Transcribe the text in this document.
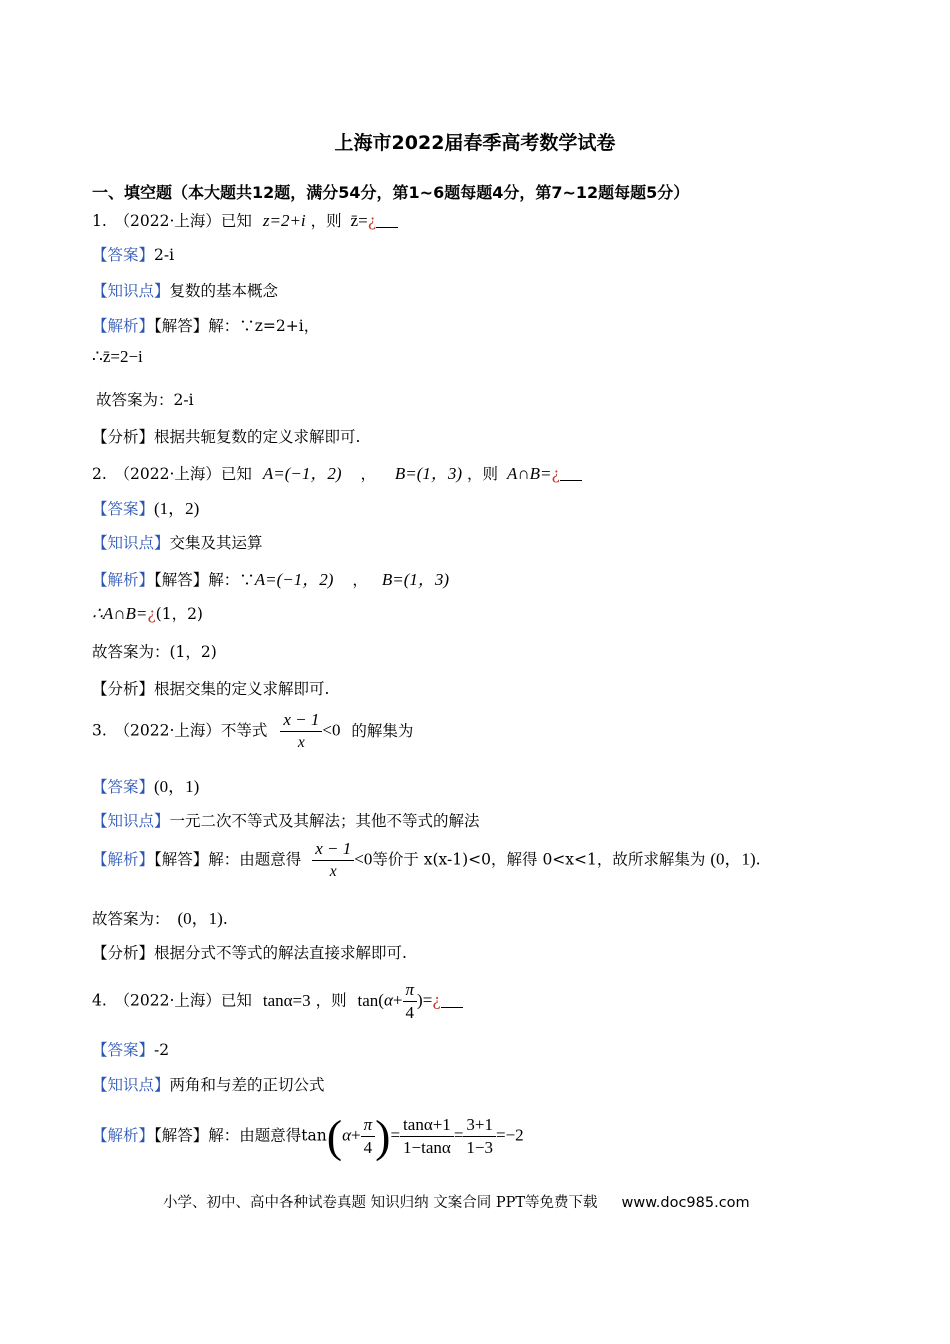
上海市2022届春季高考数学试卷
一、填空题（本大题共12题，满分54分，第1~6题每题4分，第7~12题每题5分）
1.　（2022·上海）已知 z=2+i ，则 z̄=¿
【答案】2-i
【知识点】复数的基本概念
【解析】【解答】解：∵z=2+i，
∴z̄=2−i
故答案为：2-i
【分析】根据共轭复数的定义求解即可.
2.　（2022·上海）已知 A=(−1，2) ， B=(1，3) ，则 A∩B=¿
【答案】(1，2)
【知识点】交集及其运算
【解析】【解答】解：∵A=(−1，2) ， B=(1，3)
∴A∩B=¿(1，2)
故答案为：(1，2)
【分析】根据交集的定义求解即可.
3.　（2022·上海）不等式 $\frac{x - 1}{x} <0$ 的解集为
【答案】(0，1)
【知识点】一元二次不等式及其解法；其他不等式的解法
【解析】【解答】解：由题意得 $\frac{x - 1}{x} <0$等价于 x(x-1)<0，解得 0<x<1，故所求解集为 (0，1).
故答案为： (0，1).
【分析】根据分式不等式的解法直接求解即可.
4.　（2022·上海）已知 tanα=3 ，则 $\tan(\alpha+ \frac{\pi}{4}$ )=¿
【答案】-2
【知识点】两角和与差的正切公式
【解析】【解答】解：由题意得$\tan(\alpha+ \frac{\pi}{4}$ )= $\frac{\tan\alpha+1}{1-\tan\alpha} = \frac{3+1}{1-3} =-2$
小学、初中、高中各种试卷真题 知识归纳 文案合同 PPT等免费下载 www.doc985.com
